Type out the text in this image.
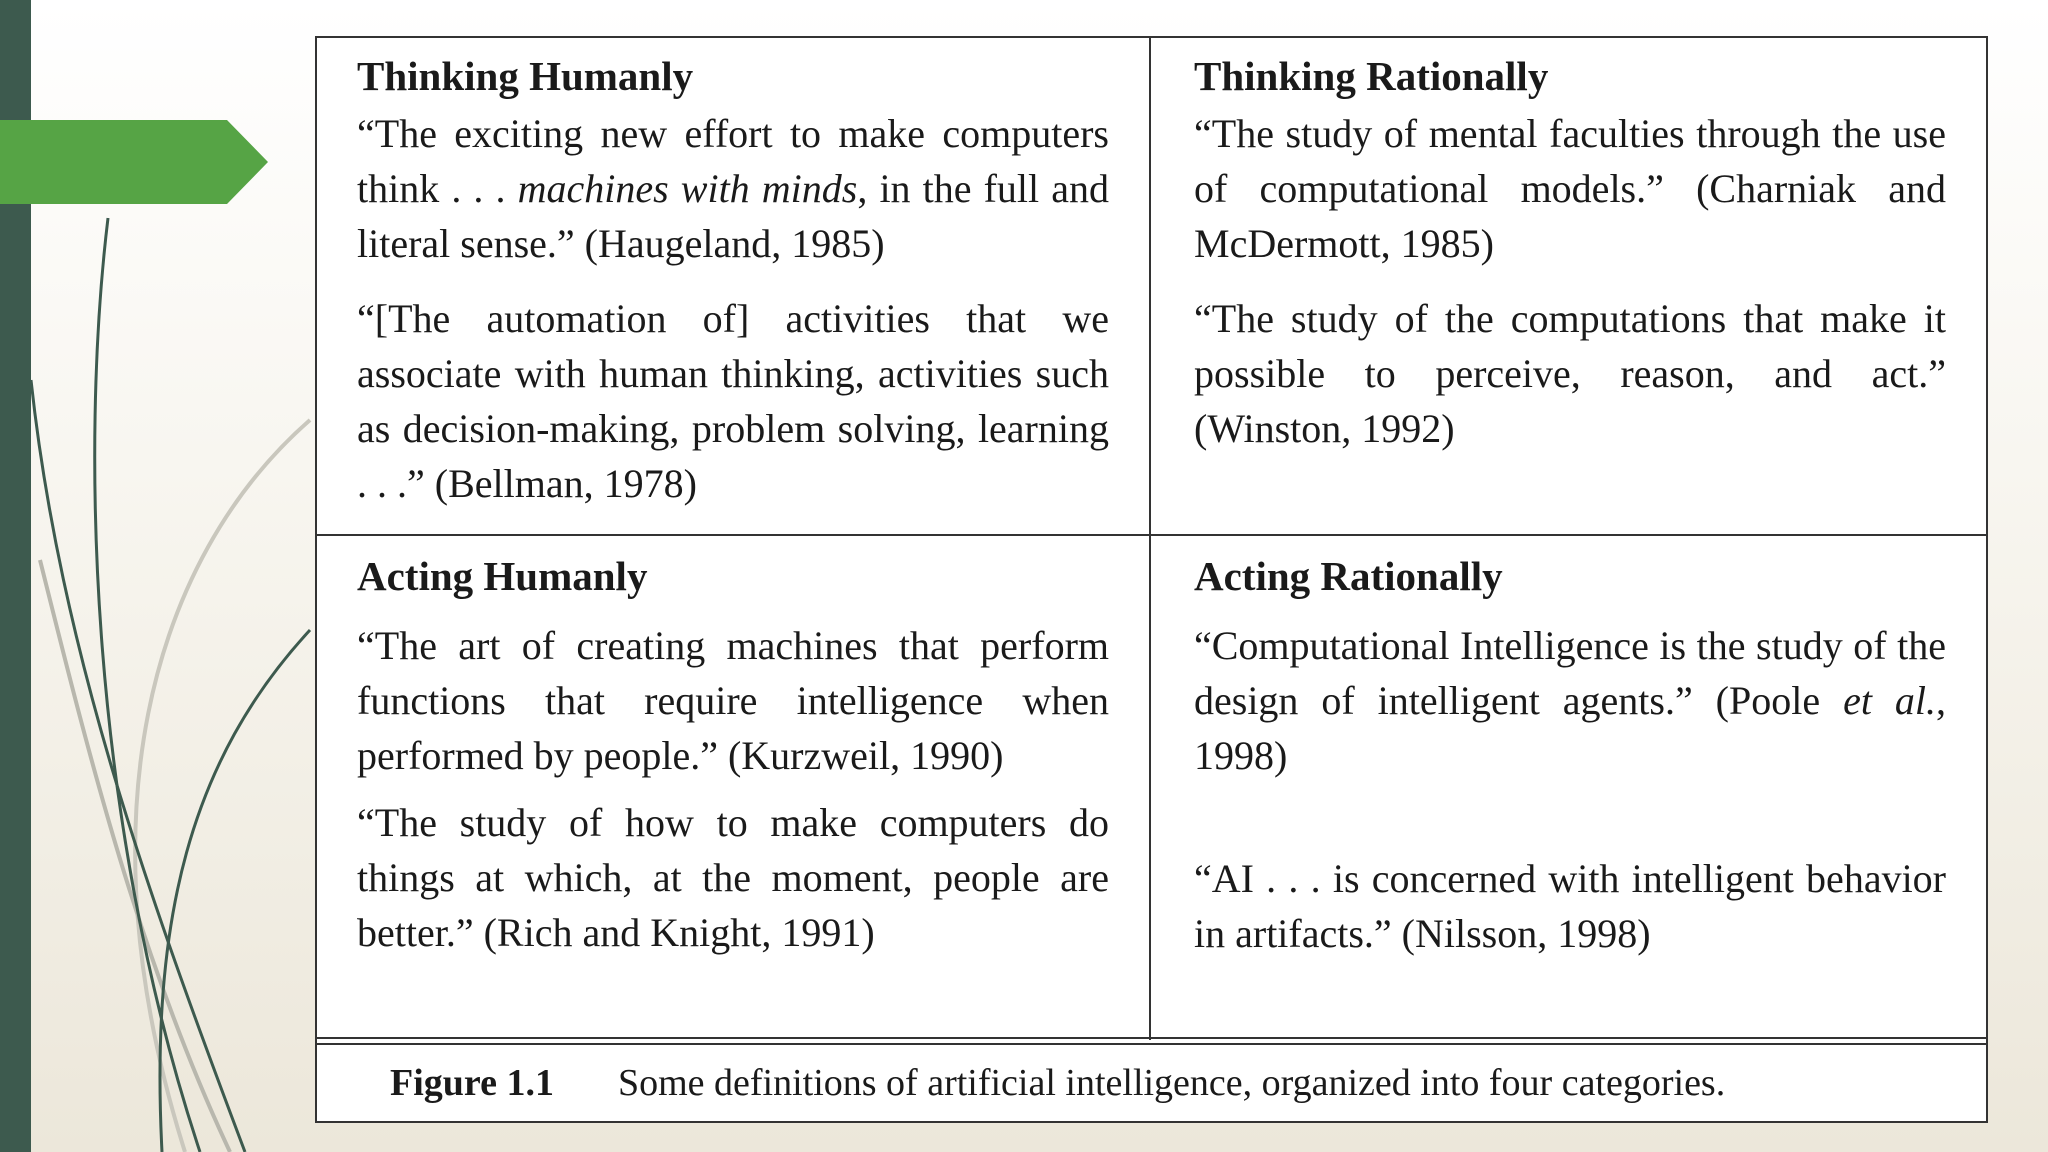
Thinking Humanly

“The exciting new effort to make computers think . . . machines with minds, in the full and literal sense.” (Haugeland, 1985)

“[The automation of] activities that we associate with human thinking, activities such as decision-making, problem solving, learning . . .” (Bellman, 1978)

Thinking Rationally

“The study of mental faculties through the use of computational models.” (Charniak and McDermott, 1985)

“The study of the computations that make it possible to perceive, reason, and act.” (Winston, 1992)

Acting Humanly

“The art of creating machines that perform functions that require intelligence when performed by people.” (Kurzweil, 1990)

“The study of how to make computers do things at which, at the moment, people are better.” (Rich and Knight, 1991)

Acting Rationally

“Computational Intelligence is the study of the design of intelligent agents.” (Poole et al., 1998)

“AI . . . is concerned with intelligent behavior in artifacts.” (Nilsson, 1998)

Figure 1.1 Some definitions of artificial intelligence, organized into four categories.
